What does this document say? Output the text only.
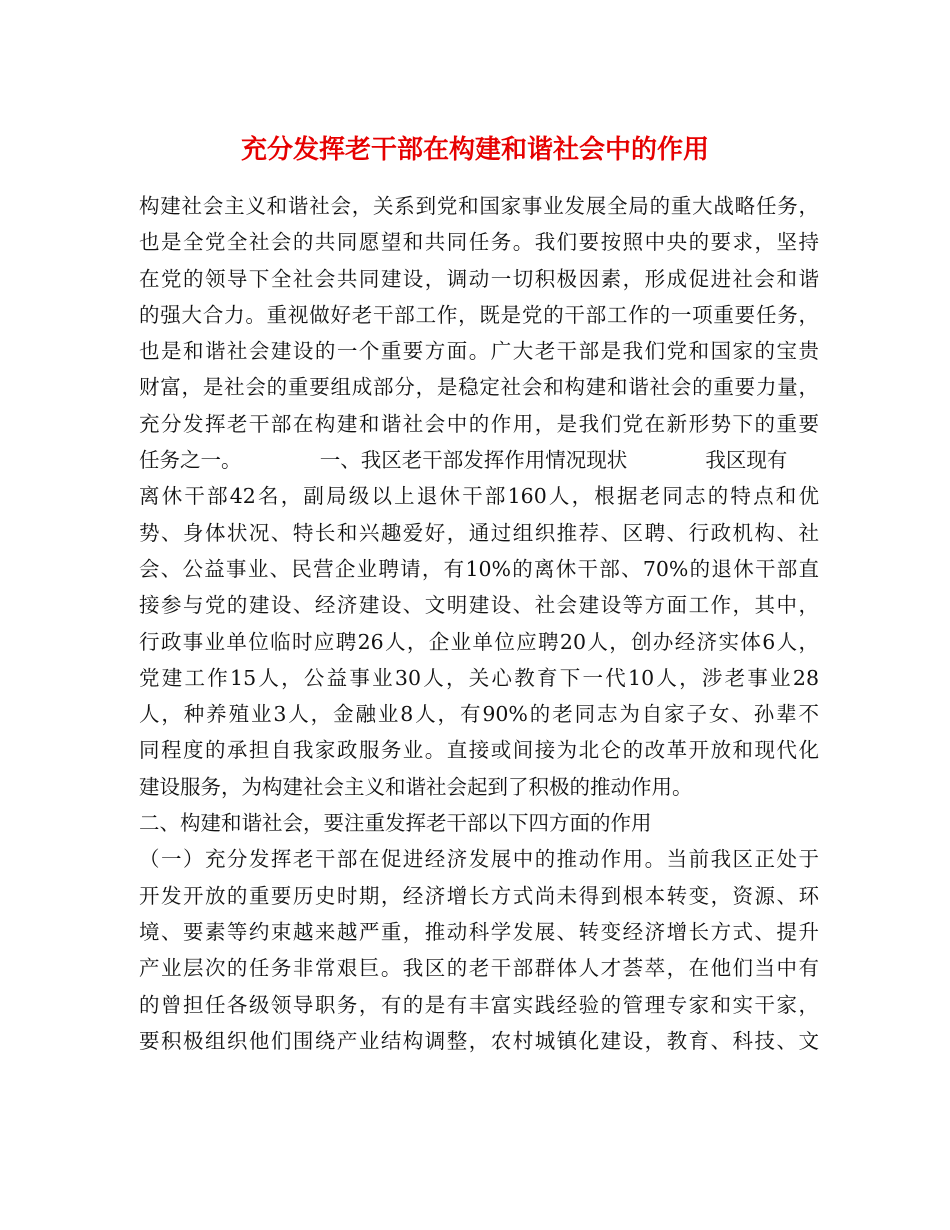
充分发挥老干部在构建和谐社会中的作用
构建社会主义和谐社会，关系到党和国家事业发展全局的重大战略任务，
也是全党全社会的共同愿望和共同任务。我们要按照中央的要求，坚持
在党的领导下全社会共同建设，调动一切积极因素，形成促进社会和谐
的强大合力。重视做好老干部工作，既是党的干部工作的一项重要任务，
也是和谐社会建设的一个重要方面。广大老干部是我们党和国家的宝贵
财富，是社会的重要组成部分，是稳定社会和构建和谐社会的重要力量，
充分发挥老干部在构建和谐社会中的作用，是我们党在新形势下的重要
任务之一。            一、我区老干部发挥作用情况现状            我区现有
离休干部42名，副局级以上退休干部160人，根据老同志的特点和优
势、身体状况、特长和兴趣爱好，通过组织推荐、区聘、行政机构、社
会、公益事业、民营企业聘请，有10%的离休干部、70%的退休干部直
接参与党的建设、经济建设、文明建设、社会建设等方面工作，其中，
行政事业单位临时应聘26人，企业单位应聘20人，创办经济实体6人，
党建工作15人，公益事业30人，关心教育下一代10人，涉老事业28
人，种养殖业3人，金融业8人，有90%的老同志为自家子女、孙辈不
同程度的承担自我家政服务业。直接或间接为北仑的改革开放和现代化
建设服务，为构建社会主义和谐社会起到了积极的推动作用。
二、构建和谐社会，要注重发挥老干部以下四方面的作用
（一）充分发挥老干部在促进经济发展中的推动作用。当前我区正处于
开发开放的重要历史时期，经济增长方式尚未得到根本转变，资源、环
境、要素等约束越来越严重，推动科学发展、转变经济增长方式、提升
产业层次的任务非常艰巨。我区的老干部群体人才荟萃，在他们当中有
的曾担任各级领导职务，有的是有丰富实践经验的管理专家和实干家，
要积极组织他们围绕产业结构调整，农村城镇化建设，教育、科技、文
